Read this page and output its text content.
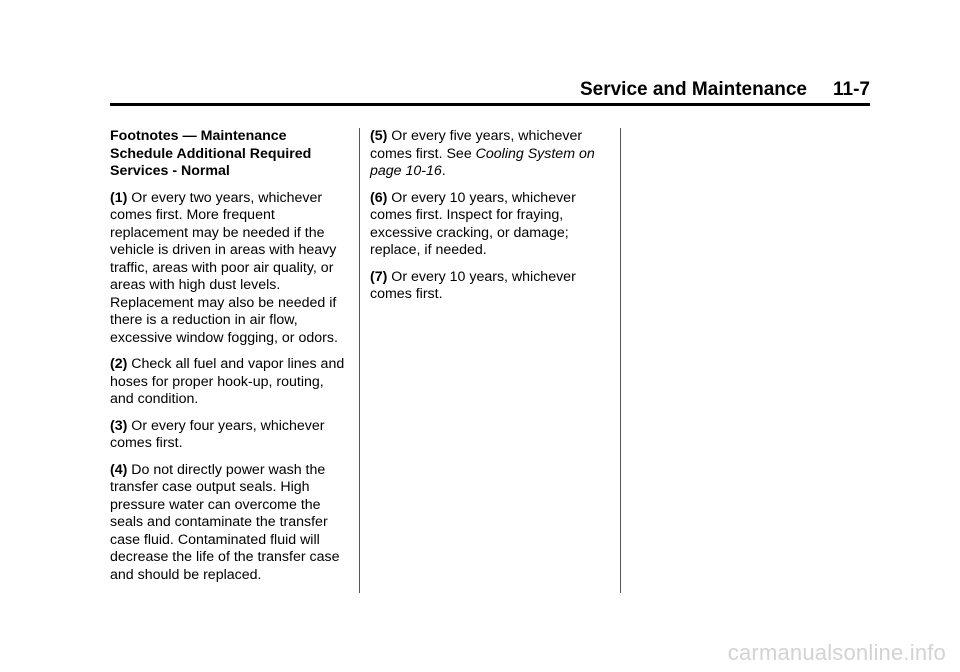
Service and Maintenance 11-7

Footnotes — Maintenance Schedule Additional Required Services - Normal

(1) Or every two years, whichever comes first. More frequent replacement may be needed if the vehicle is driven in areas with heavy traffic, areas with poor air quality, or areas with high dust levels. Replacement may also be needed if there is a reduction in air flow, excessive window fogging, or odors.

(2) Check all fuel and vapor lines and hoses for proper hook-up, routing, and condition.

(3) Or every four years, whichever comes first.

(4) Do not directly power wash the transfer case output seals. High pressure water can overcome the seals and contaminate the transfer case fluid. Contaminated fluid will decrease the life of the transfer case and should be replaced.

(5) Or every five years, whichever comes first. See Cooling System on page 10-16.

(6) Or every 10 years, whichever comes first. Inspect for fraying, excessive cracking, or damage; replace, if needed.

(7) Or every 10 years, whichever comes first.

carmanualsonline.info
